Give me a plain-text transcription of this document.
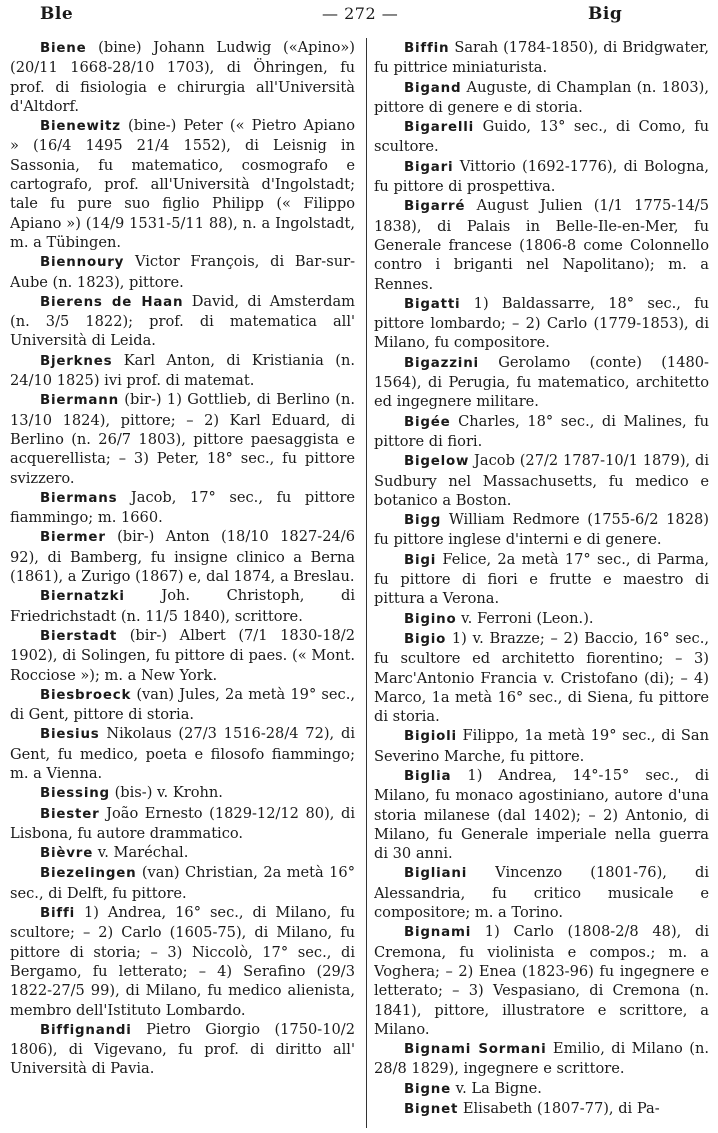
Ble	— 272 —	Big

Biene (bine) Johann Ludwig («Apino») (20/11 1668-28/10 1703), di Öhringen, fu prof. di fisiologia e chirurgia all'Università d'Altdorf.

Bienewitz (bine-) Peter (« Pietro Apiano » (16/4 1495 21/4 1552), di Leisnig in Sassonia, fu matematico, cosmografo e cartografo, prof. all'Università d'Ingolstadt; tale fu pure suo figlio Philipp (« Filippo Apiano ») (14/9 1531-5/11 88), n. a Ingolstadt, m. a Tübingen.

Biennoury Victor François, di Bar-sur-Aube (n. 1823), pittore.

Bierens de Haan David, di Amsterdam (n. 3/5 1822); prof. di matematica all' Università di Leida.

Bjerknes Karl Anton, di Kristiania (n. 24/10 1825) ivi prof. di matemat.

Biermann (bir-) 1) Gottlieb, di Berlino (n. 13/10 1824), pittore; – 2) Karl Eduard, di Berlino (n. 26/7 1803), pittore paesaggista e acquerellista; – 3) Peter, 18° sec., fu pittore svizzero.

Biermans Jacob, 17° sec., fu pittore fiammingo; m. 1660.

Biermer (bir-) Anton (18/10 1827-24/6 92), di Bamberg, fu insigne clinico a Berna (1861), a Zurigo (1867) e, dal 1874, a Breslau.

Biernatzki Joh. Christoph, di Friedrichstadt (n. 11/5 1840), scrittore.

Bierstadt (bir-) Albert (7/1 1830-18/2 1902), di Solingen, fu pittore di paes. (« Mont. Rocciose »); m. a New York.

Biesbroeck (van) Jules, 2a metà 19° sec., di Gent, pittore di storia.

Biesius Nikolaus (27/3 1516-28/4 72), di Gent, fu medico, poeta e filosofo fiammingo; m. a Vienna.

Biessing (bis-) v. Krohn.

Biester João Ernesto (1829-12/12 80), di Lisbona, fu autore drammatico.

Bièvre v. Maréchal.

Biezelingen (van) Christian, 2a metà 16° sec., di Delft, fu pittore.

Biffi 1) Andrea, 16° sec., di Milano, fu scultore; – 2) Carlo (1605-75), di Milano, fu pittore di storia; – 3) Niccolò, 17° sec., di Bergamo, fu letterato; – 4) Serafino (29/3 1822-27/5 99), di Milano, fu medico alienista, membro dell'Istituto Lombardo.

Biffignandi Pietro Giorgio (1750-10/2 1806), di Vigevano, fu prof. di diritto all' Università di Pavia.

Biffin Sarah (1784-1850), di Bridgwater, fu pittrice miniaturista.

Bigand Auguste, di Champlan (n. 1803), pittore di genere e di storia.

Bigarelli Guido, 13° sec., di Como, fu scultore.

Bigari Vittorio (1692-1776), di Bologna, fu pittore di prospettiva.

Bigarré August Julien (1/1 1775-14/5 1838), di Palais in Belle-Ile-en-Mer, fu Generale francese (1806-8 come Colonnello contro i briganti nel Napolitano); m. a Rennes.

Bigatti 1) Baldassarre, 18° sec., fu pittore lombardo; – 2) Carlo (1779-1853), di Milano, fu compositore.

Bigazzini Gerolamo (conte) (1480-1564), di Perugia, fu matematico, architetto ed ingegnere militare.

Bigée Charles, 18° sec., di Malines, fu pittore di fiori.

Bigelow Jacob (27/2 1787-10/1 1879), di Sudbury nel Massachusetts, fu medico e botanico a Boston.

Bigg William Redmore (1755-6/2 1828) fu pittore inglese d'interni e di genere.

Bigi Felice, 2a metà 17° sec., di Parma, fu pittore di fiori e frutte e maestro di pittura a Verona.

Bigino v. Ferroni (Leon.).

Bigio 1) v. Brazze; – 2) Baccio, 16° sec., fu scultore ed architetto fiorentino; – 3) Marc'Antonio Francia v. Cristofano (di); – 4) Marco, 1a metà 16° sec., di Siena, fu pittore di storia.

Bigioli Filippo, 1a metà 19° sec., di San Severino Marche, fu pittore.

Biglia 1) Andrea, 14°-15° sec., di Milano, fu monaco agostiniano, autore d'una storia milanese (dal 1402); – 2) Antonio, di Milano, fu Generale imperiale nella guerra di 30 anni.

Bigliani Vincenzo (1801-76), di Alessandria, fu critico musicale e compositore; m. a Torino.

Bignami 1) Carlo (1808-2/8 48), di Cremona, fu violinista e compos.; m. a Voghera; – 2) Enea (1823-96) fu ingegnere e letterato; – 3) Vespasiano, di Cremona (n. 1841), pittore, illustratore e scrittore, a Milano.

Bignami Sormani Emilio, di Milano (n. 28/8 1829), ingegnere e scrittore.

Bigne v. La Bigne.

Bignet Elisabeth (1807-77), di Pa-
